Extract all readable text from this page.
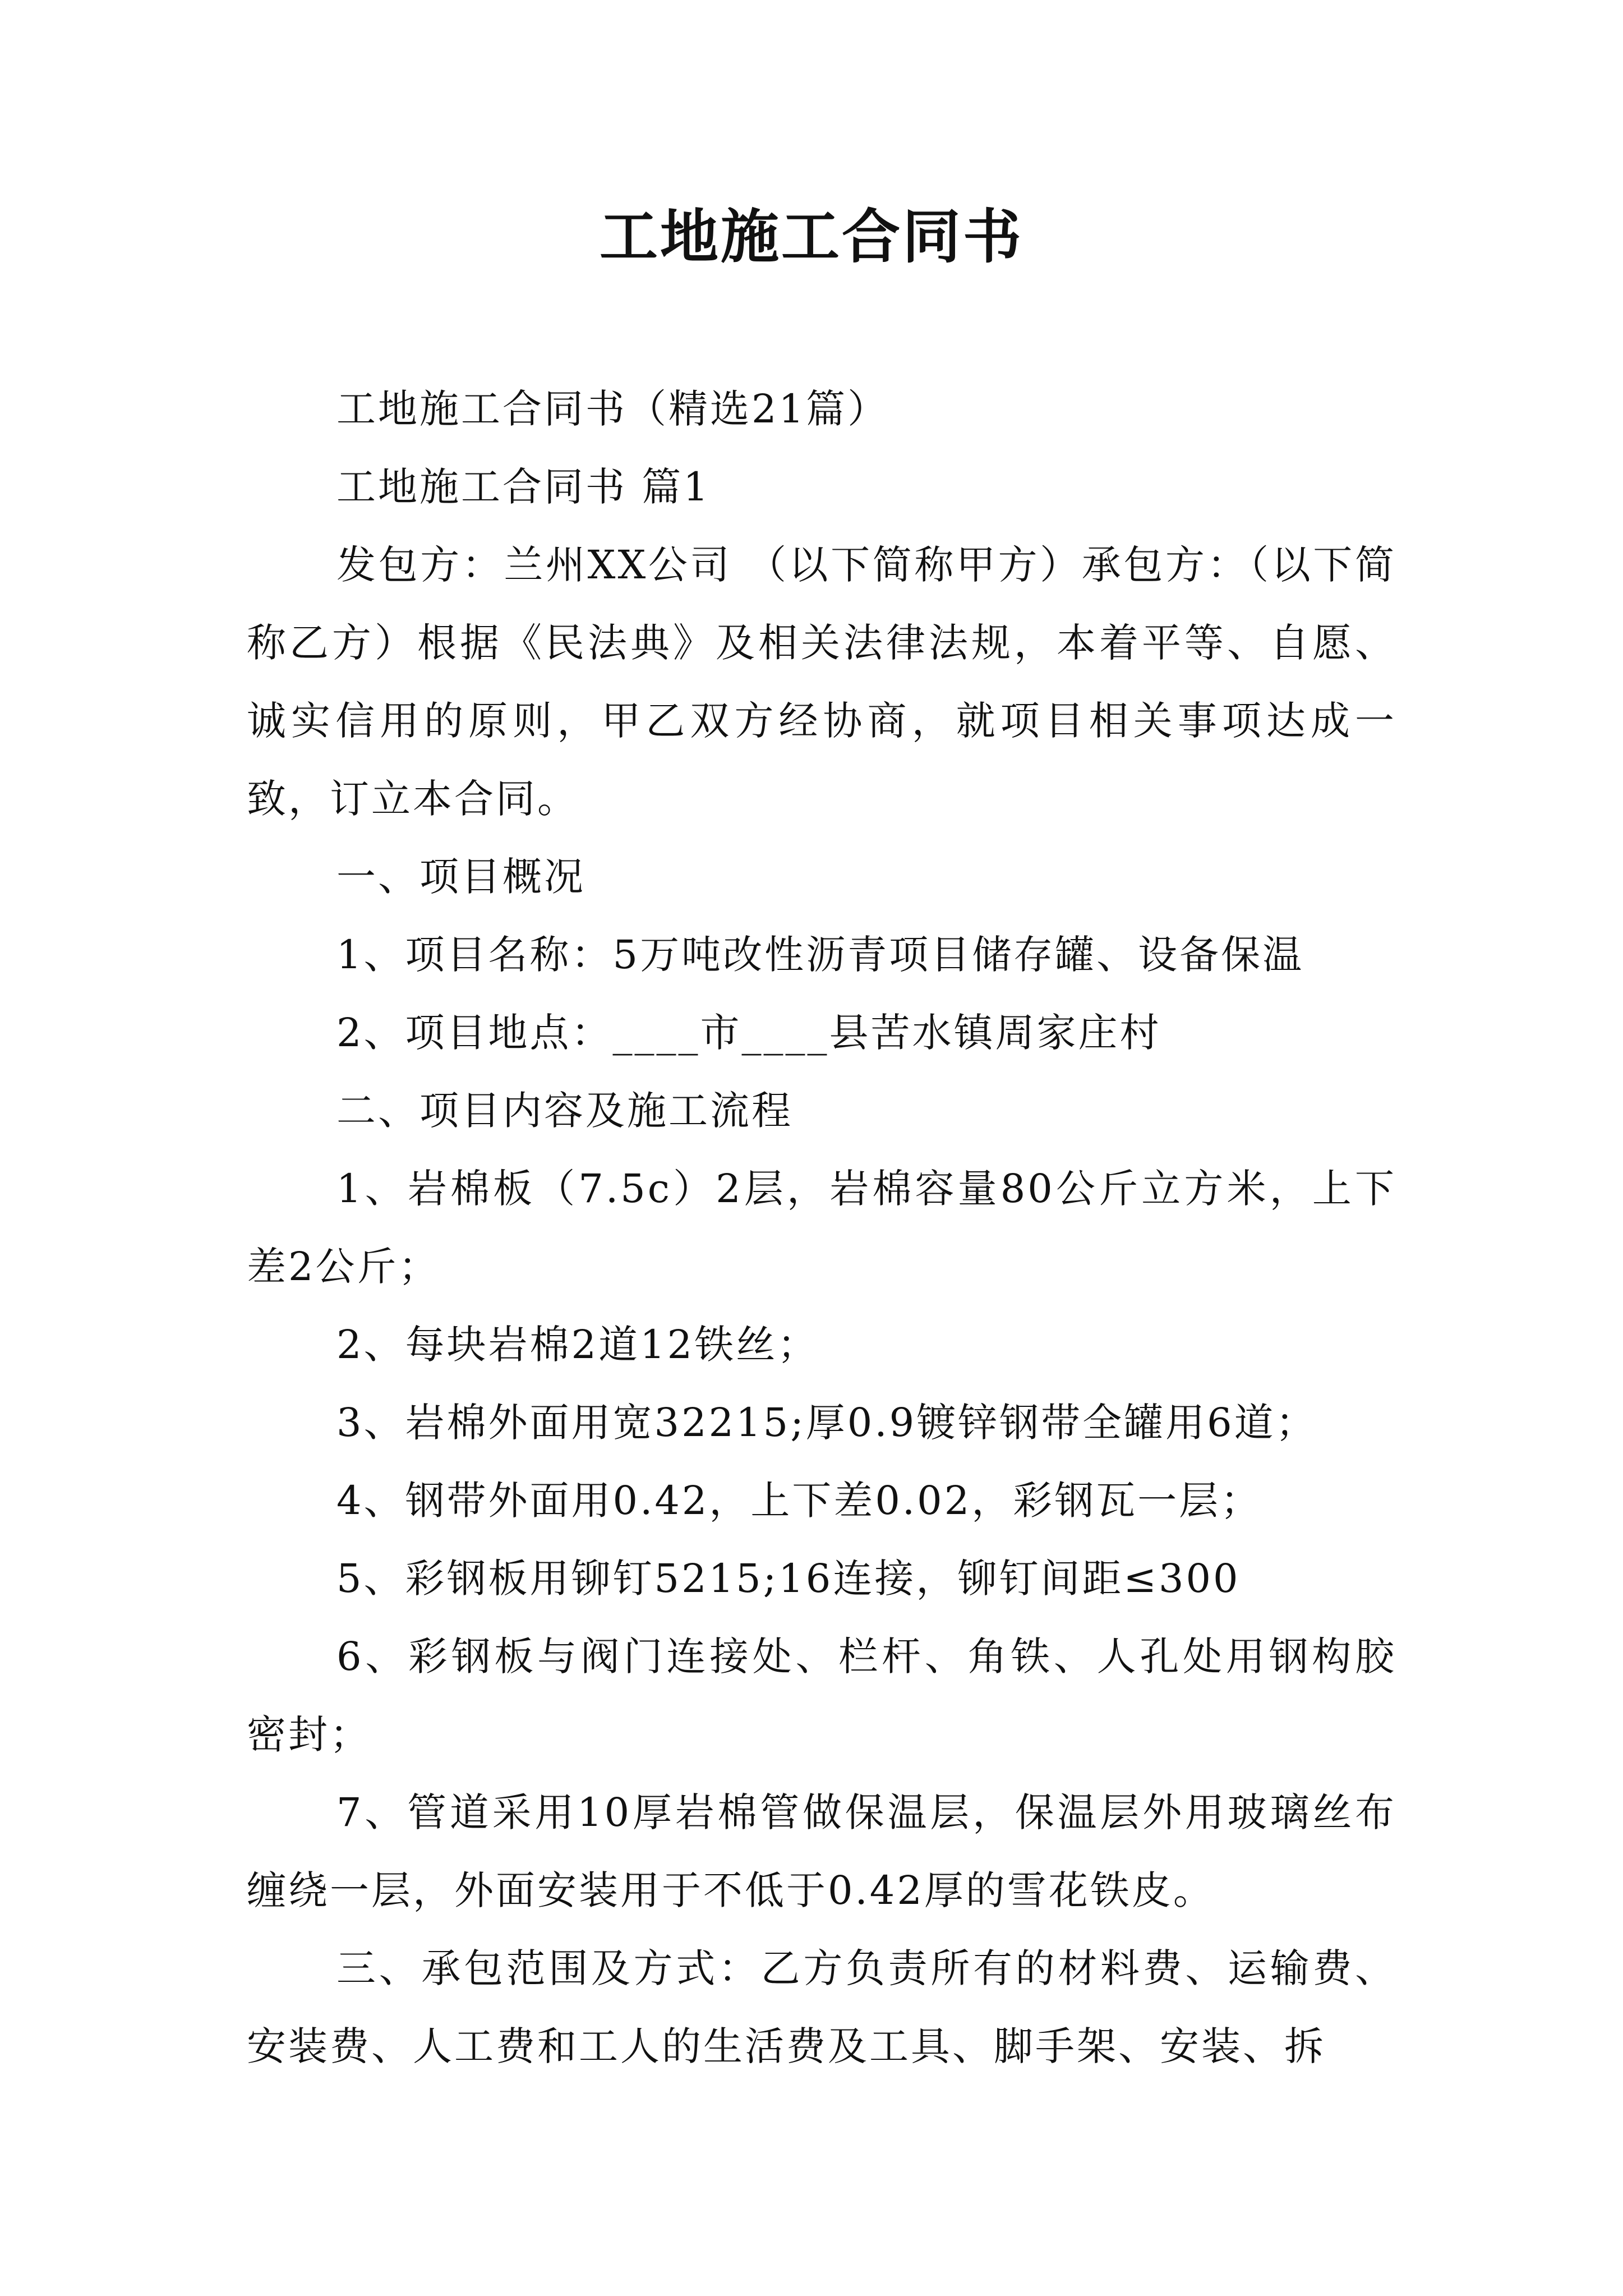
工地施工合同书

工地施工合同书（精选21篇）

工地施工合同书 篇1

发包方：兰州XX公司 （以下简称甲方）承包方：（以下简称乙方）根据《民法典》及相关法律法规，本着平等、自愿、诚实信用的原则，甲乙双方经协商，就项目相关事项达成一致，订立本合同。

一、项目概况

1、项目名称：5万吨改性沥青项目储存罐、设备保温

2、项目地点：____市____县苦水镇周家庄村

二、项目内容及施工流程

1、岩棉板（7.5c）2层，岩棉容量80公斤立方米，上下差2公斤；

2、每块岩棉2道12铁丝；

3、岩棉外面用宽32215;厚0.9镀锌钢带全罐用6道；

4、钢带外面用0.42，上下差0.02，彩钢瓦一层；

5、彩钢板用铆钉5215;16连接，铆钉间距≤300

6、彩钢板与阀门连接处、栏杆、角铁、人孔处用钢构胶密封；

7、管道采用10厚岩棉管做保温层，保温层外用玻璃丝布缠绕一层，外面安装用于不低于0.42厚的雪花铁皮。

三、承包范围及方式：乙方负责所有的材料费、运输费、安装费、人工费和工人的生活费及工具、脚手架、安装、拆
